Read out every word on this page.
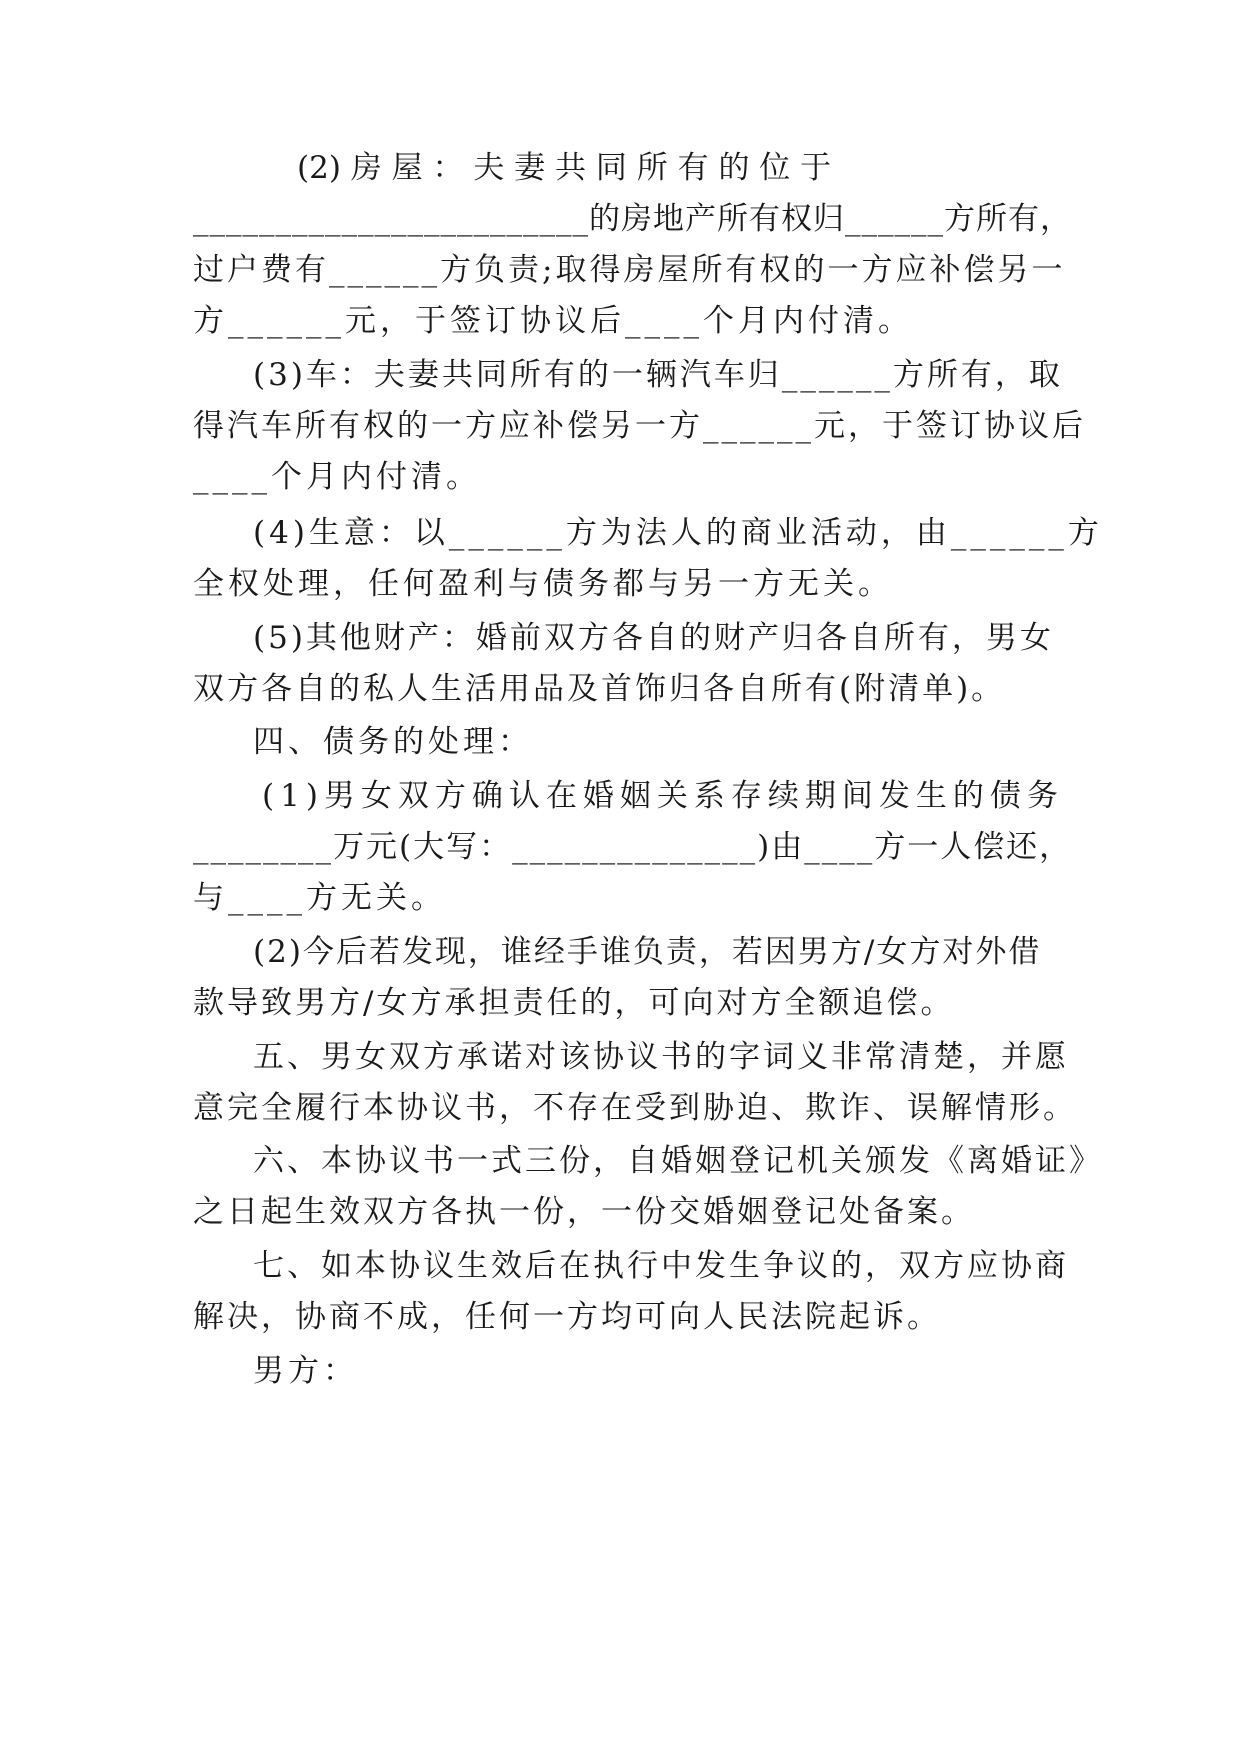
(2) 房 屋 ： 夫 妻 共 同 所 有 的 位 于
________________________的房地产所有权归______方所有，
过户费有______方负责;取得房屋所有权的一方应补偿另一
方______元，于签订协议后____个月内付清。
(3)车：夫妻共同所有的一辆汽车归______方所有，取
得汽车所有权的一方应补偿另一方______元，于签订协议后
____个月内付清。
(4)生意：以______方为法人的商业活动，由______方
全权处理，任何盈利与债务都与另一方无关。
(5)其他财产：婚前双方各自的财产归各自所有，男女
双方各自的私人生活用品及首饰归各自所有(附清单)。
四、债务的处理：
(1)男女双方确认在婚姻关系存续期间发生的债务
________万元(大写：______________)由____方一人偿还，
与____方无关。
(2)今后若发现，谁经手谁负责，若因男方/女方对外借
款导致男方/女方承担责任的，可向对方全额追偿。
五、男女双方承诺对该协议书的字词义非常清楚，并愿
意完全履行本协议书，不存在受到胁迫、欺诈、误解情形。
六、本协议书一式三份，自婚姻登记机关颁发《离婚证》
之日起生效双方各执一份，一份交婚姻登记处备案。
七、如本协议生效后在执行中发生争议的，双方应协商
解决，协商不成，任何一方均可向人民法院起诉。
男方：
